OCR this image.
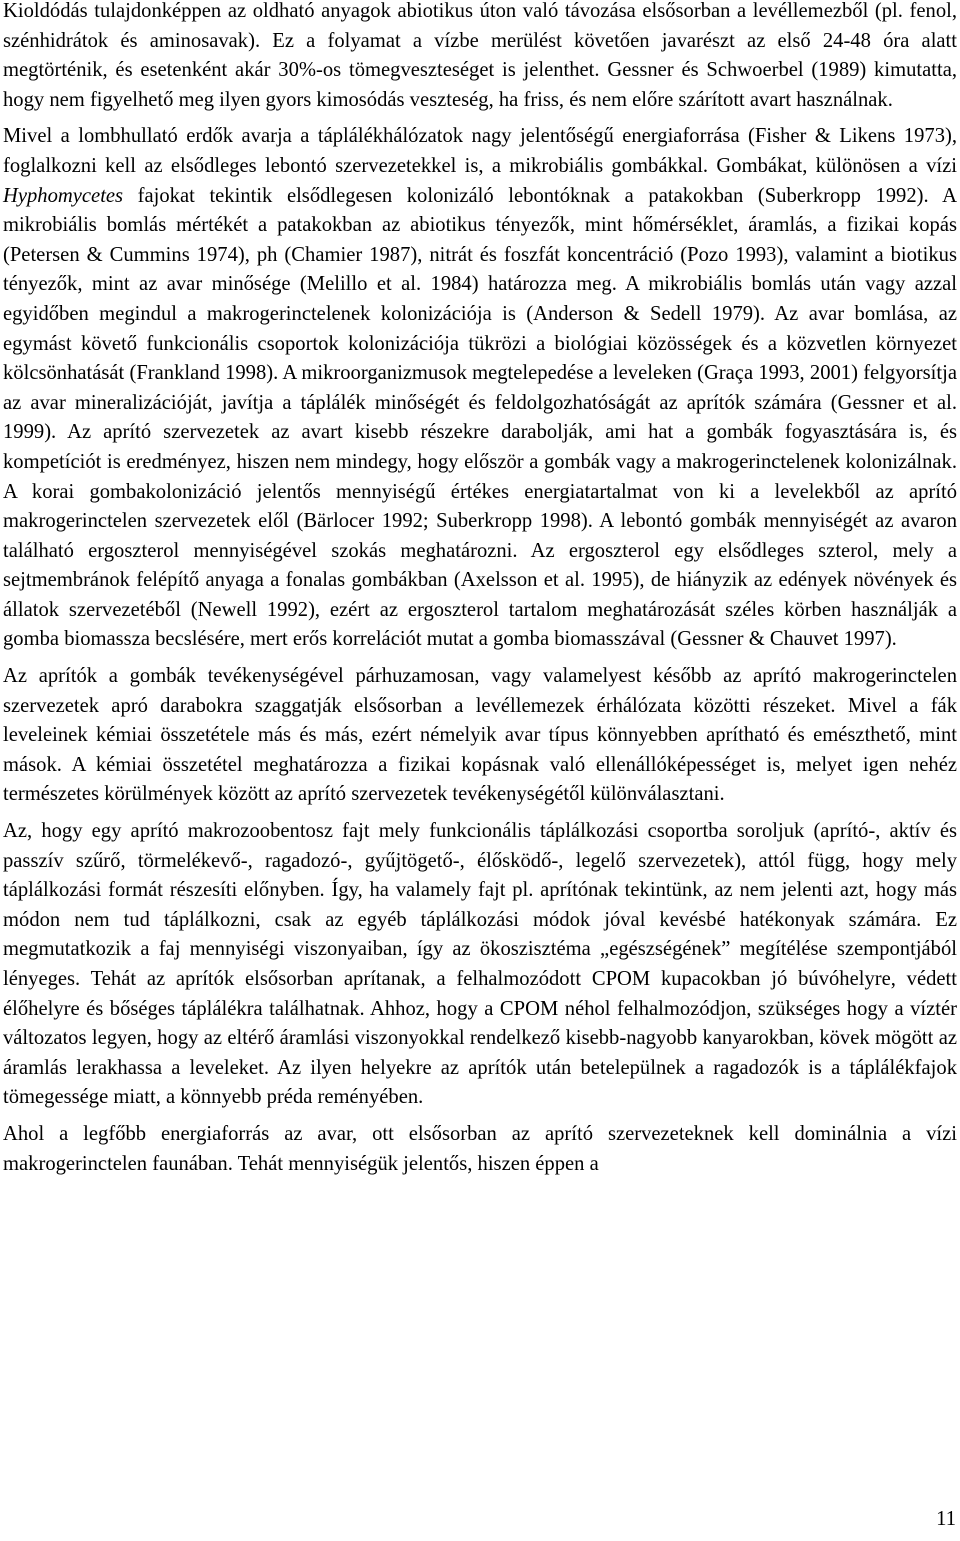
Kioldódás tulajdonképpen az oldható anyagok abiotikus úton való távozása elsősorban a levéllemezből (pl. fenol, szénhidrátok és aminosavak). Ez a folyamat a vízbe merülést követően javarészt az első 24-48 óra alatt megtörténik, és esetenként akár 30%-os tömegveszteséget is jelenthet. Gessner és Schwoerbel (1989) kimutatta, hogy nem figyelhető meg ilyen gyors kimosódás veszteség, ha friss, és nem előre szárított avart használnak.

Mivel a lombhullató erdők avarja a táplálékhálózatok nagy jelentőségű energiaforrása (Fisher & Likens 1973), foglalkozni kell az elsődleges lebontó szervezetekkel is, a mikrobiális gombákkal. Gombákat, különösen a vízi Hyphomycetes fajokat tekintik elsődlegesen kolonizáló lebontóknak a patakokban (Suberkropp 1992). A mikrobiális bomlás mértékét a patakokban az abiotikus tényezők, mint hőmérséklet, áramlás, a fizikai kopás (Petersen & Cummins 1974), ph (Chamier 1987), nitrát és foszfát koncentráció (Pozo 1993), valamint a biotikus tényezők, mint az avar minősége (Melillo et al. 1984) határozza meg. A mikrobiális bomlás után vagy azzal egyidőben megindul a makrogerinctelenek kolonizációja is (Anderson & Sedell 1979). Az avar bomlása, az egymást követő funkcionális csoportok kolonizációja tükrözi a biológiai közösségek és a közvetlen környezet kölcsönhatását (Frankland 1998). A mikroorganizmusok megtelepedése a leveleken (Graça 1993, 2001) felgyorsítja az avar mineralizációját, javítja a táplálék minőségét és feldolgozhatóságát az aprítók számára (Gessner et al. 1999). Az aprító szervezetek az avart kisebb részekre darabolják, ami hat a gombák fogyasztására is, és kompetíciót is eredményez, hiszen nem mindegy, hogy először a gombák vagy a makrogerinctelenek kolonizálnak. A korai gombakolonizáció jelentős mennyiségű értékes energiatartalmat von ki a levelekből az aprító makrogerinctelen szervezetek elől (Bärlocer 1992; Suberkropp 1998). A lebontó gombák mennyiségét az avaron található ergoszterol mennyiségével szokás meghatározni. Az ergoszterol egy elsődleges szterol, mely a sejtmembránok felépítő anyaga a fonalas gombákban (Axelsson et al. 1995), de hiányzik az edények növények és állatok szervezetéből (Newell 1992), ezért az ergoszterol tartalom meghatározását széles körben használják a gomba biomassza becslésére, mert erős korrelációt mutat a gomba biomasszával (Gessner & Chauvet 1997).

Az aprítók a gombák tevékenységével párhuzamosan, vagy valamelyest később az aprító makrogerinctelen szervezetek apró darabokra szaggatják elsősorban a levéllemezek érhálózata közötti részeket. Mivel a fák leveleinek kémiai összetétele más és más, ezért némelyik avar típus könnyebben aprítható és emészthető, mint mások. A kémiai összetétel meghatározza a fizikai kopásnak való ellenállóképességet is, melyet igen nehéz természetes körülmények között az aprító szervezetek tevékenységétől különválasztani.

Az, hogy egy aprító makrozoobentosz fajt mely funkcionális táplálkozási csoportba soroljuk (aprító-, aktív és passzív szűrő, törmelékevő-, ragadozó-, gyűjtögető-, élősködő-, legelő szervezetek), attól függ, hogy mely táplálkozási formát részesíti előnyben. Így, ha valamely fajt pl. aprítónak tekintünk, az nem jelenti azt, hogy más módon nem tud táplálkozni, csak az egyéb táplálkozási módok jóval kevésbé hatékonyak számára. Ez megmutatkozik a faj mennyiségi viszonyaiban, így az ökoszisztéma „egészségének” megítélése szempontjából lényeges. Tehát az aprítók elsősorban aprítanak, a felhalmozódott CPOM kupacokban jó búvóhelyre, védett élőhelyre és bőséges táplálékra találhatnak. Ahhoz, hogy a CPOM néhol felhalmozódjon, szükséges hogy a víztér változatos legyen, hogy az eltérő áramlási viszonyokkal rendelkező kisebb-nagyobb kanyarokban, kövek mögött az áramlás lerakhassa a leveleket. Az ilyen helyekre az aprítók után betelepülnek a ragadozók is a táplálékfajok tömegessége miatt, a könnyebb préda reményében.

Ahol a legfőbb energiaforrás az avar, ott elsősorban az aprító szervezeteknek kell dominálnia a vízi makrogerinctelen faunában. Tehát mennyiségük jelentős, hiszen éppen a

11
